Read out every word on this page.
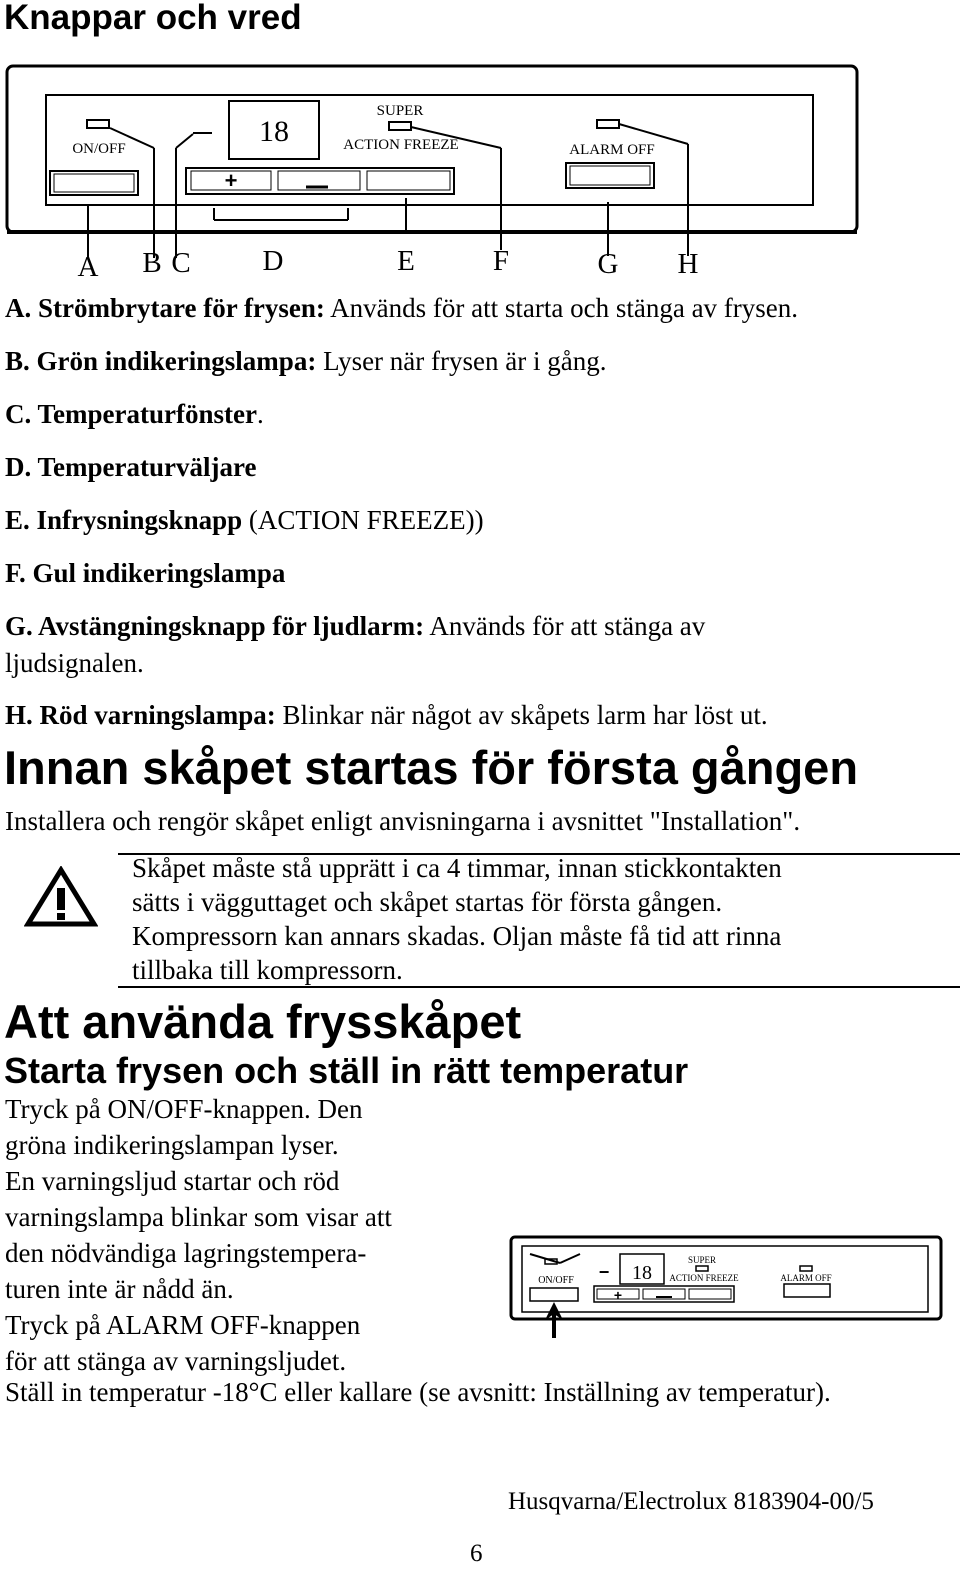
Knappar och vred
18
ON/OFF
SUPER
ACTION FREEZE	ALARM OFF
+
A B C D	E	F	G H
A. Strömbrytare för frysen: Används för att starta och stänga av frysen.
B. Grön indikeringslampa: Lyser när frysen är i gång.
C. Temperaturfönster.
D. Temperaturväljare
E. Infrysningsknapp (ACTION FREEZE))
F. Gul indikeringslampa
G. Avstängningsknapp för ljudlarm: Används för att stänga av
ljudsignalen.
H. Röd varningslampa: Blinkar när något av skåpets larm har löst ut.
Innan skåpet startas för första gången
Installera och rengör skåpet enligt anvisningarna i avsnittet "Installation".
Skåpet måste stå upprätt i ca 4 timmar, innan stickkontakten
sätts i vägguttaget och skåpet startas för första gången.
Kompressorn kan annars skadas. Oljan måste få tid att rinna
tillbaka till kompressorn.
Att använda frysskåpet
Starta frysen och ställ in rätt temperatur
Tryck på ON/OFF-knappen. Den
gröna indikeringslampan lyser.
En varningsljud startar och röd
varningslampa blinkar som visar att
den nödvändiga lagringstempera-
turen inte är nådd än.
Tryck på ALARM OFF-knappen
för att stänga av varningsljudet.
Ställ in temperatur -18°C eller kallare (se avsnitt: Inställning av temperatur).
ON/OFF − 18
SUPER
ACTION FREEZE	ALARM OFF
+
Husqvarna/Electrolux 8183904-00/5
6
